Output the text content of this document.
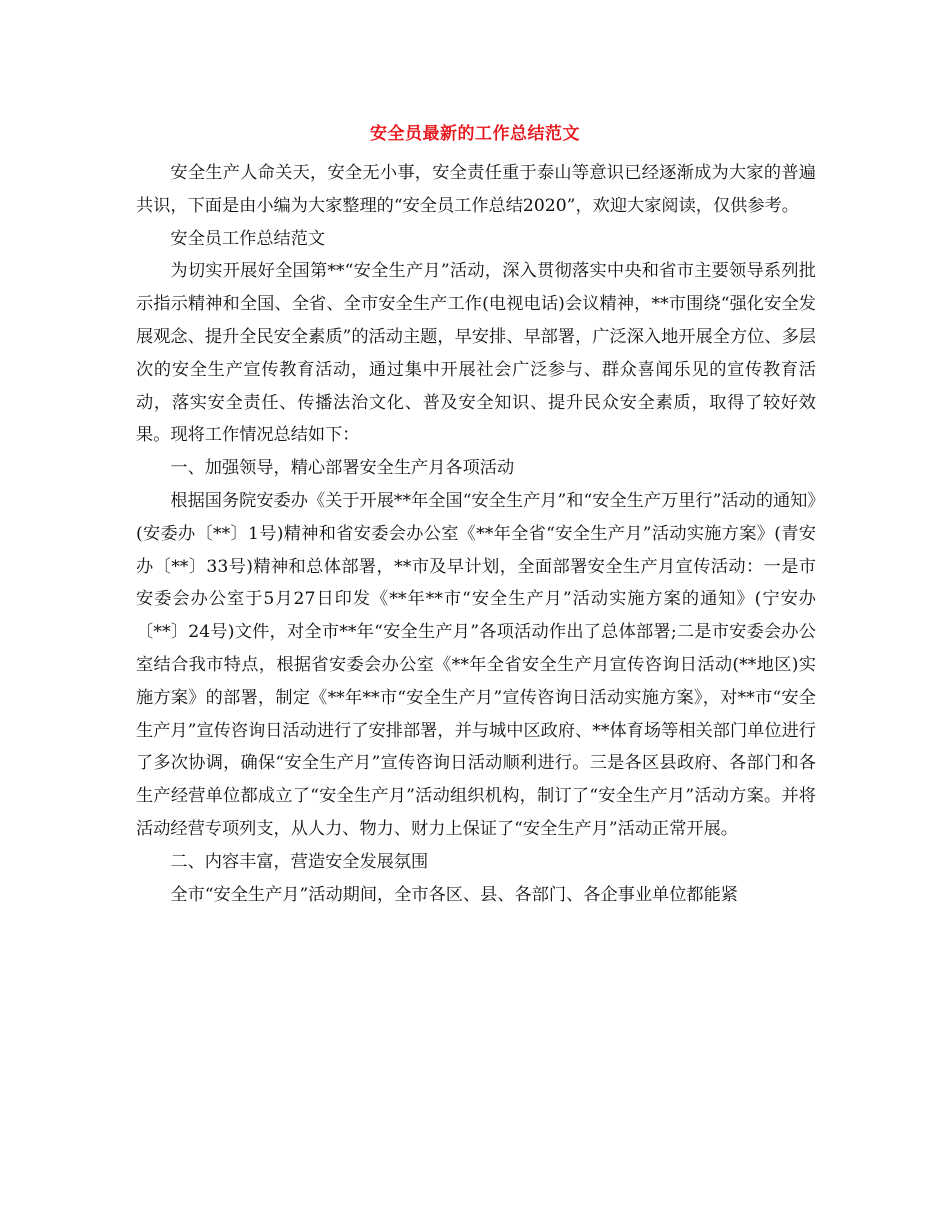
安全员最新的工作总结范文

安全生产人命关天，安全无小事，安全责任重于泰山等意识已经逐渐成为大家的普遍共识，下面是由小编为大家整理的“安全员工作总结2020”，欢迎大家阅读，仅供参考。

安全员工作总结范文

为切实开展好全国第**“安全生产月”活动，深入贯彻落实中央和省市主要领导系列批示指示精神和全国、全省、全市安全生产工作(电视电话)会议精神，**市围绕“强化安全发展观念、提升全民安全素质”的活动主题，早安排、早部署，广泛深入地开展全方位、多层次的安全生产宣传教育活动，通过集中开展社会广泛参与、群众喜闻乐见的宣传教育活动，落实安全责任、传播法治文化、普及安全知识、提升民众安全素质，取得了较好效果。现将工作情况总结如下：

一、加强领导，精心部署安全生产月各项活动

根据国务院安委办《关于开展**年全国“安全生产月”和“安全生产万里行”活动的通知》(安委办〔**〕1号)精神和省安委会办公室《**年全省“安全生产月”活动实施方案》(青安办〔**〕33号)精神和总体部署，**市及早计划，全面部署安全生产月宣传活动：一是市安委会办公室于5月27日印发《**年**市“安全生产月”活动实施方案的通知》(宁安办〔**〕24号)文件，对全市**年“安全生产月”各项活动作出了总体部署;二是市安委会办公室结合我市特点，根据省安委会办公室《**年全省安全生产月宣传咨询日活动(**地区)实施方案》的部署，制定《**年**市“安全生产月”宣传咨询日活动实施方案》，对**市“安全生产月”宣传咨询日活动进行了安排部署，并与城中区政府、**体育场等相关部门单位进行了多次协调，确保“安全生产月”宣传咨询日活动顺利进行。三是各区县政府、各部门和各生产经营单位都成立了“安全生产月”活动组织机构，制订了“安全生产月”活动方案。并将活动经营专项列支，从人力、物力、财力上保证了“安全生产月”活动正常开展。

二、内容丰富，营造安全发展氛围

全市“安全生产月”活动期间，全市各区、县、各部门、各企事业单位都能紧
